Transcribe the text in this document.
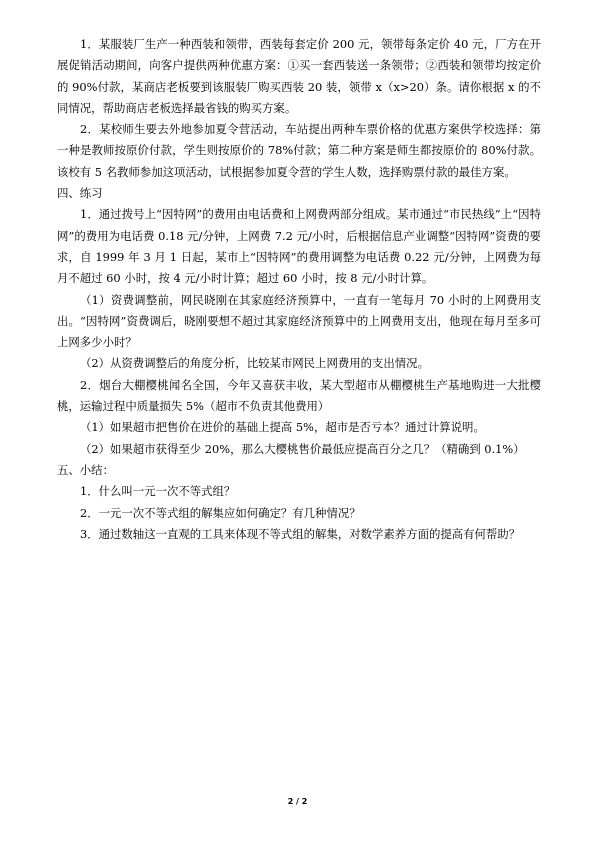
1．某服装厂生产一种西装和领带，西装每套定价 200 元，领带每条定价 40 元，厂方在开展促销活动期间，向客户提供两种优惠方案：①买一套西装送一条领带；②西装和领带均按定价的 90%付款，某商店老板要到该服装厂购买西装 20 装，领带 x（x>20）条。请你根据 x 的不同情况，帮助商店老板选择最省钱的购买方案。

2．某校师生要去外地参加夏令营活动，车站提出两种车票价格的优惠方案供学校选择：第一种是教师按原价付款，学生则按原价的 78%付款；第二种方案是师生都按原价的 80%付款。该校有 5 名教师参加这项活动，试根据参加夏令营的学生人数，选择购票付款的最佳方案。

四、练习

1．通过拨号上“因特网”的费用由电话费和上网费两部分组成。某市通过“市民热线”上“因特网”的费用为电话费 0.18 元/分钟，上网费 7.2 元/小时，后根据信息产业调整“因特网”资费的要求，自 1999 年 3 月 1 日起，某市上“因特网”的费用调整为电话费 0.22 元/分钟，上网费为每月不超过 60 小时，按 4 元/小时计算；超过 60 小时，按 8 元/小时计算。

（1）资费调整前，网民晓刚在其家庭经济预算中，一直有一笔每月 70 小时的上网费用支出。“因特网”资费调后，晓刚要想不超过其家庭经济预算中的上网费用支出，他现在每月至多可上网多少小时？

（2）从资费调整后的角度分析，比较某市网民上网费用的支出情况。

2．烟台大棚樱桃闻名全国，今年又喜获丰收，某大型超市从棚樱桃生产基地购进一大批樱桃，运输过程中质量损失 5%（超市不负责其他费用）

（1）如果超市把售价在进价的基础上提高 5%，超市是否亏本？通过计算说明。

（2）如果超市获得至少 20%，那么大樱桃售价最低应提高百分之几？（精确到 0.1%）

五、小结：

1．什么叫一元一次不等式组？

2．一元一次不等式组的解集应如何确定？有几种情况？

3．通过数轴这一直观的工具来体现不等式组的解集，对数学素养方面的提高有何帮助？

2 / 2
